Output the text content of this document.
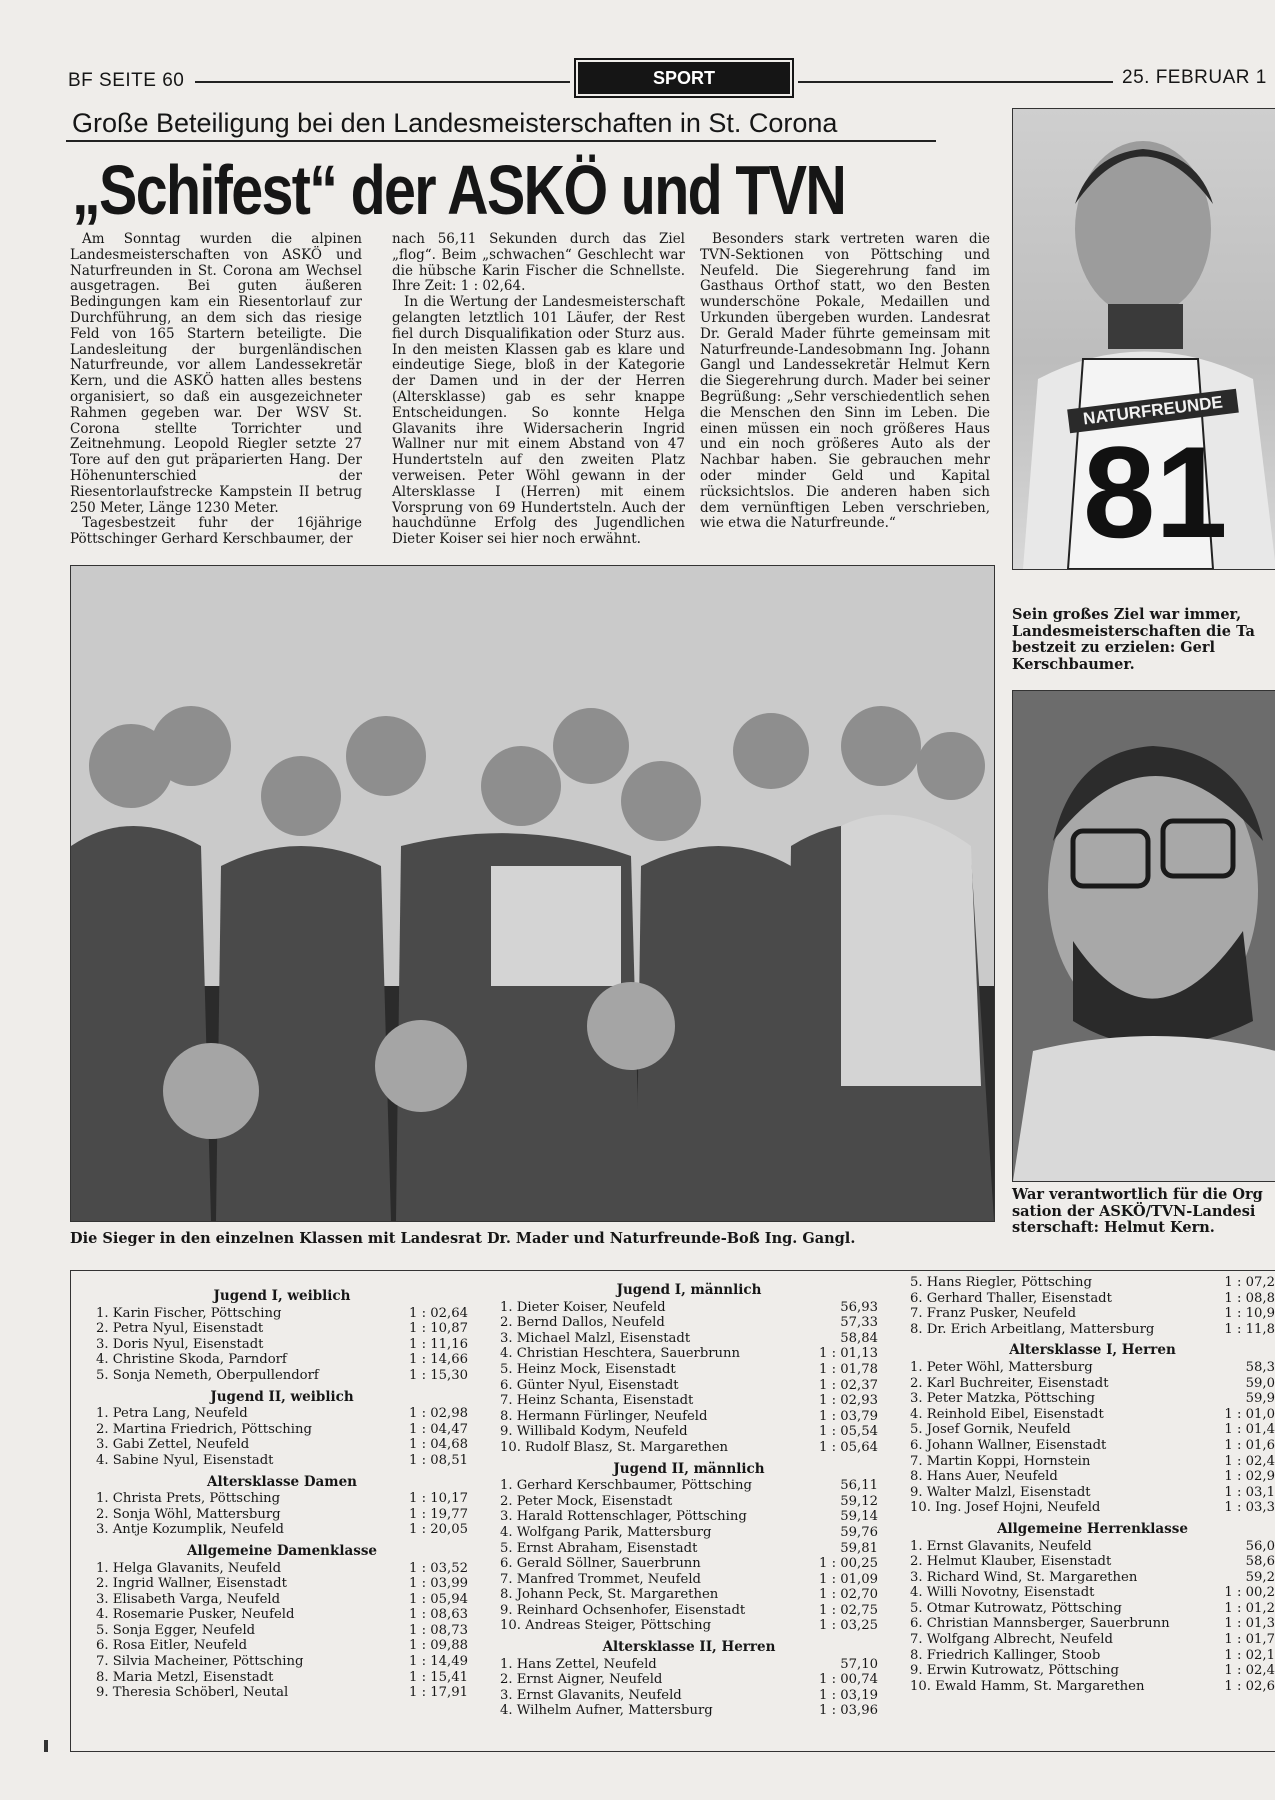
BF SEITE 60	SPORT	25. FEBRUAR 1
Große Beteiligung bei den Landesmeisterschaften in St. Corona
„Schifest“ der ASKÖ und TVN

Am Sonntag wurden die alpinen Landesmeisterschaften von ASKÖ und Naturfreunden in St. Corona am Wechsel ausgetragen. Bei guten äußeren Bedingungen kam ein Riesentorlauf zur Durchführung, an dem sich das riesige Feld von 165 Startern beteiligte. Die Landesleitung der burgenländischen Naturfreunde, vor allem Landessekretär Kern, und die ASKÖ hatten alles bestens organisiert, so daß ein ausgezeichneter Rahmen gegeben war. Der WSV St. Corona stellte Torrichter und Zeitnehmung. Leopold Riegler setzte 27 Tore auf den gut präparierten Hang. Der Höhenunterschied der Riesentorlaufstrecke Kampstein II betrug 250 Meter, Länge 1230 Meter.

Tagesbestzeit fuhr der 16jährige Pöttschinger Gerhard Kerschbaumer, der

nach 56,11 Sekunden durch das Ziel „flog“. Beim „schwachen“ Geschlecht war die hübsche Karin Fischer die Schnellste. Ihre Zeit: 1 : 02,64.

In die Wertung der Landesmeisterschaft gelangten letztlich 101 Läufer, der Rest fiel durch Disqualifikation oder Sturz aus. In den meisten Klassen gab es klare und eindeutige Siege, bloß in der Kategorie der Damen und in der der Herren (Altersklasse) gab es sehr knappe Entscheidungen. So konnte Helga Glavanits ihre Widersacherin Ingrid Wallner nur mit einem Abstand von 47 Hundertsteln auf den zweiten Platz verweisen. Peter Wöhl gewann in der Altersklasse I (Herren) mit einem Vorsprung von 69 Hundertsteln. Auch der hauchdünne Erfolg des Jugendlichen Dieter Koiser sei hier noch erwähnt.

Besonders stark vertreten waren die TVN-Sektionen von Pöttsching und Neufeld. Die Siegerehrung fand im Gasthaus Orthof statt, wo den Besten wunderschöne Pokale, Medaillen und Urkunden übergeben wurden. Landesrat Dr. Gerald Mader führte gemeinsam mit Naturfreunde-Landesobmann Ing. Johann Gangl und Landessekretär Helmut Kern die Siegerehrung durch. Mader bei seiner Begrüßung: „Sehr verschiedentlich sehen die Menschen den Sinn im Leben. Die einen müssen ein noch größeres Haus und ein noch größeres Auto als der Nachbar haben. Sie gebrauchen mehr oder minder Geld und Kapital rücksichtslos. Die anderen haben sich dem vernünftigen Leben verschrieben, wie etwa die Naturfreunde.“

NATURFREUNDE
81
Sein großes Ziel war immer, Landesmeisterschaften die Ta bestzeit zu erzielen: Gerl Kerschbaumer.
Die Sieger in den einzelnen Klassen mit Landesrat Dr. Mader und Naturfreunde-Boß Ing. Gangl.
War verantwortlich für die Org sation der ASKÖ/TVN-Landesi sterschaft: Helmut Kern.
Jugend I, weiblich
1. Karin Fischer, Pöttsching	1 : 02,64
2. Petra Nyul, Eisenstadt	1 : 10,87
3. Doris Nyul, Eisenstadt	1 : 11,16
4. Christine Skoda, Parndorf	1 : 14,66
5. Sonja Nemeth, Oberpullendorf	1 : 15,30
Jugend II, weiblich
1. Petra Lang, Neufeld	1 : 02,98
2. Martina Friedrich, Pöttsching	1 : 04,47
3. Gabi Zettel, Neufeld	1 : 04,68
4. Sabine Nyul, Eisenstadt	1 : 08,51
Altersklasse Damen
1. Christa Prets, Pöttsching	1 : 10,17
2. Sonja Wöhl, Mattersburg	1 : 19,77
3. Antje Kozumplik, Neufeld	1 : 20,05
Allgemeine Damenklasse
1. Helga Glavanits, Neufeld	1 : 03,52
2. Ingrid Wallner, Eisenstadt	1 : 03,99
3. Elisabeth Varga, Neufeld	1 : 05,94
4. Rosemarie Pusker, Neufeld	1 : 08,63
5. Sonja Egger, Neufeld	1 : 08,73
6. Rosa Eitler, Neufeld	1 : 09,88
7. Silvia Macheiner, Pöttsching	1 : 14,49
8. Maria Metzl, Eisenstadt	1 : 15,41
9. Theresia Schöberl, Neutal	1 : 17,91
Jugend I, männlich
1. Dieter Koiser, Neufeld	56,93
2. Bernd Dallos, Neufeld	57,33
3. Michael Malzl, Eisenstadt	58,84
4. Christian Heschtera, Sauerbrunn	1 : 01,13
5. Heinz Mock, Eisenstadt	1 : 01,78
6. Günter Nyul, Eisenstadt	1 : 02,37
7. Heinz Schanta, Eisenstadt	1 : 02,93
8. Hermann Fürlinger, Neufeld	1 : 03,79
9. Willibald Kodym, Neufeld	1 : 05,54
10. Rudolf Blasz, St. Margarethen	1 : 05,64
Jugend II, männlich
1. Gerhard Kerschbaumer, Pöttsching	56,11
2. Peter Mock, Eisenstadt	59,12
3. Harald Rottenschlager, Pöttsching	59,14
4. Wolfgang Parik, Mattersburg	59,76
5. Ernst Abraham, Eisenstadt	59,81
6. Gerald Söllner, Sauerbrunn	1 : 00,25
7. Manfred Trommet, Neufeld	1 : 01,09
8. Johann Peck, St. Margarethen	1 : 02,70
9. Reinhard Ochsenhofer, Eisenstadt	1 : 02,75
10. Andreas Steiger, Pöttsching	1 : 03,25
Altersklasse II, Herren
1. Hans Zettel, Neufeld	57,10
2. Ernst Aigner, Neufeld	1 : 00,74
3. Ernst Glavanits, Neufeld	1 : 03,19
4. Wilhelm Aufner, Mattersburg	1 : 03,96
5. Hans Riegler, Pöttsching	1 : 07,2
6. Gerhard Thaller, Eisenstadt	1 : 08,8
7. Franz Pusker, Neufeld	1 : 10,9
8. Dr. Erich Arbeitlang, Mattersburg	1 : 11,8
Altersklasse I, Herren
1. Peter Wöhl, Mattersburg	58,3
2. Karl Buchreiter, Eisenstadt	59,0
3. Peter Matzka, Pöttsching	59,9
4. Reinhold Eibel, Eisenstadt	1 : 01,0
5. Josef Gornik, Neufeld	1 : 01,4
6. Johann Wallner, Eisenstadt	1 : 01,6
7. Martin Koppi, Hornstein	1 : 02,4
8. Hans Auer, Neufeld	1 : 02,9
9. Walter Malzl, Eisenstadt	1 : 03,1
10. Ing. Josef Hojni, Neufeld	1 : 03,3
Allgemeine Herrenklasse
1. Ernst Glavanits, Neufeld	56,0
2. Helmut Klauber, Eisenstadt	58,6
3. Richard Wind, St. Margarethen	59,2
4. Willi Novotny, Eisenstadt	1 : 00,2
5. Otmar Kutrowatz, Pöttsching	1 : 01,2
6. Christian Mannsberger, Sauerbrunn	1 : 01,3
7. Wolfgang Albrecht, Neufeld	1 : 01,7
8. Friedrich Kallinger, Stoob	1 : 02,1
9. Erwin Kutrowatz, Pöttsching	1 : 02,4
10. Ewald Hamm, St. Margarethen	1 : 02,6
